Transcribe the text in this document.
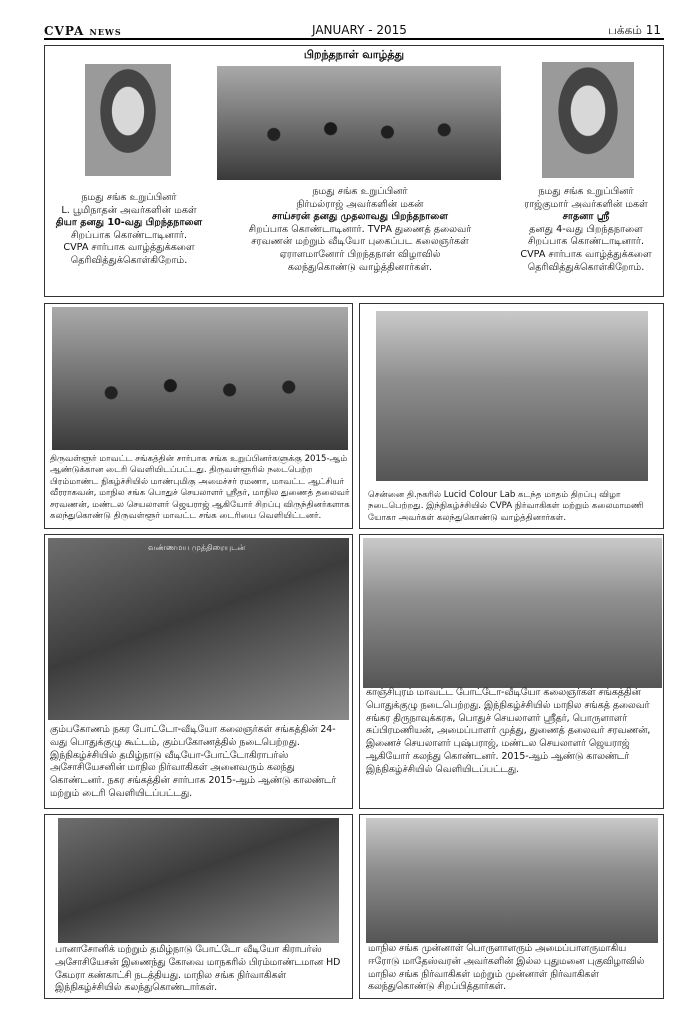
CVPA NEWS	JANUARY - 2015	பக்கம் 11
பிறந்தநாள் வாழ்த்து
நமது சங்க உறுப்பினர்
L. பூமிநாதன் அவர்களின் மகள்
தியா தனது 10-வது பிறந்தநாளை
சிறப்பாக கொண்டாடினார்.
CVPA சார்பாக வாழ்த்துக்களை
தெரிவித்துக்கொள்கிறோம்.
நமது சங்க உறுப்பினர்
நிர்மல்ராஜ் அவர்களின் மகன்
சாய்சரன் தனது முதலாவது பிறந்தநாளை
சிறப்பாக கொண்டாடினார். TVPA துணைத் தலைவர்
சரவணன் மற்றும் வீடியோ புகைப்பட கலைஞர்கள்
ஏராளமானோர் பிறந்தநாள் விழாவில்
கலந்துகொண்டு வாழ்த்தினார்கள்.
நமது சங்க உறுப்பினர்
ராஜ்குமார் அவர்களின் மகள்
சாதனா ஸ்ரீ
தனது 4-வது பிறந்தநாளை
சிறப்பாக கொண்டாடினார்.
CVPA சார்பாக வாழ்த்துக்களை
தெரிவித்துக்கொள்கிறோம்.
திருவள்ளூர் மாவட்ட சங்கத்தின் சார்பாக சங்க உறுப்பினர்களுக்கு 2015-ஆம் ஆண்டுக்கான டைரி வெளியிடப்பட்டது. திருவள்ளூரில் நடைபெற்ற பிரம்மாண்ட நிகழ்ச்சியில் மாண்புமிகு அமைச்சர் ரமணா, மாவட்ட ஆட்சியர் வீரராகவன், மாநில சங்க பொதுச் செயலாளர் ஸ்ரீதர், மாநில துணைத் தலைவர் சரவணன், மண்டல செயலாளர் ஜெயராஜ் ஆகியோர் சிறப்பு விருந்தினர்களாக கலந்துகொண்டு திருவள்ளூர் மாவட்ட சங்க டைரியை வெளியிட்டனர்.
சென்னை தி.நகரில் Lucid Colour Lab கடந்த மாதம் திறப்பு விழா நடைபெற்றது. இந்நிகழ்ச்சியில் CVPA நிர்வாகிகள் மற்றும் கலைமாமணி யோகா அவர்கள் கலந்துகொண்டு வாழ்த்தினார்கள்.
வண்ணமய முத்திரையுடன்
கும்பகோணம் நகர போட்டோ-வீடியோ கலைஞர்கள் சங்கத்தின் 24-வது பொதுக்குழு கூட்டம், கும்பகோணத்தில் நடைபெற்றது. இந்நிகழ்ச்சியில் தமிழ்நாடு வீடியோ-போட்டோகிராபர்ஸ் அசோசியேசனின் மாநில நிர்வாகிகள் அனைவரும் கலந்து கொண்டனர். நகர சங்கத்தின் சார்பாக 2015-ஆம் ஆண்டு காலண்டர் மற்றும் டைரி வெளியிடப்பட்டது.
காஞ்சிபுரம் மாவட்ட போட்டோ-வீடியோ கலைஞர்கள் சங்கத்தின் பொதுக்குழு நடைபெற்றது. இந்நிகழ்ச்சியில் மாநில சங்கத் தலைவர் சங்கர திருநாவுக்கரசு, பொதுச் செயலாளர் ஸ்ரீதர், பொருளாளர் சுப்பிரமணியன், அமைப்பாளர் முத்து, துணைத் தலைவர் சரவணன், இணைச் செயலாளர் புஷ்பராஜ், மண்டல செயலாளர் ஜெயராஜ் ஆகியோர் கலந்து கொண்டனர். 2015-ஆம் ஆண்டு காலண்டர் இந்நிகழ்ச்சியில் வெளியிடப்பட்டது.
பானாசோனிக் மற்றும் தமிழ்நாடு போட்டோ வீடியோ கிராபர்ஸ் அசோசியேசன் இணைந்து கோவை மாநகரில் பிரம்மாண்டமான HD கேமரா கண்காட்சி நடத்தியது. மாநில சங்க நிர்வாகிகள் இந்நிகழ்ச்சியில் கலந்துகொண்டார்கள்.
மாநில சங்க முன்னாள் பொருளாளரும் அமைப்பாளருமாகிய ஈரோடு மாதேஸ்வரன் அவர்களின் இல்ல புதுமனை புகுவிழாவில் மாநில சங்க நிர்வாகிகள் மற்றும் முன்னாள் நிர்வாகிகள் கலந்துகொண்டு சிறப்பித்தார்கள்.
